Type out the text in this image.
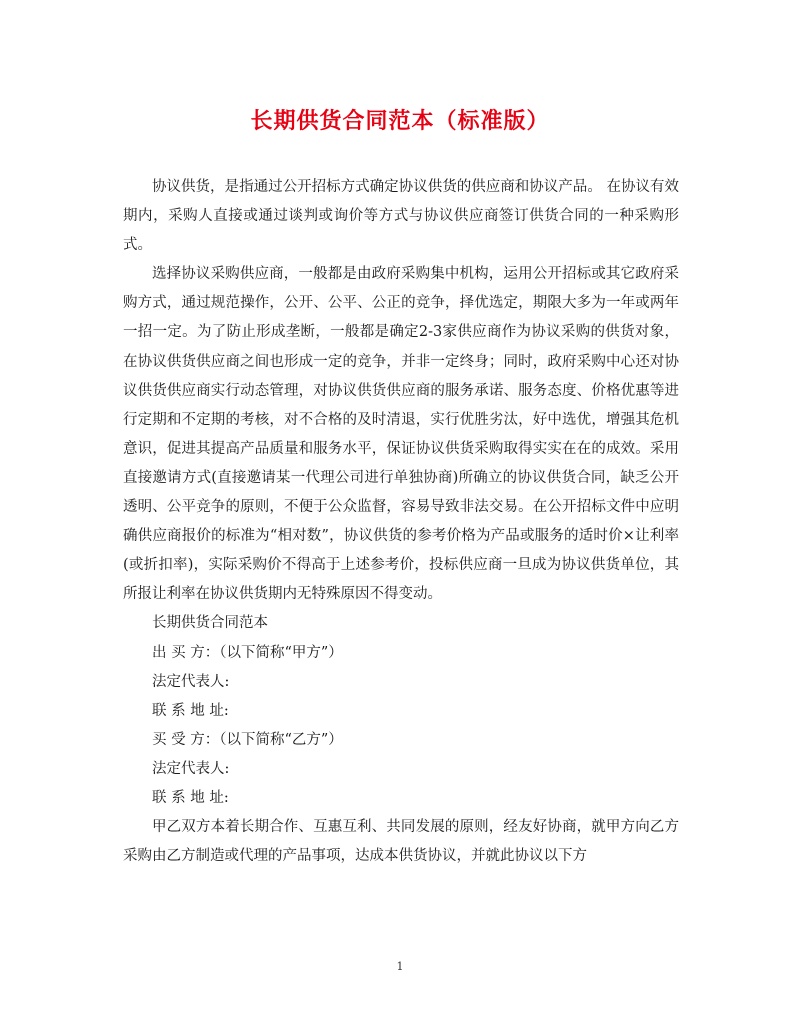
长期供货合同范本（标准版）

协议供货，是指通过公开招标方式确定协议供货的供应商和协议产品。 在协议有效期内，采购人直接或通过谈判或询价等方式与协议供应商签订供货合同的一种采购形式。

选择协议采购供应商，一般都是由政府采购集中机构，运用公开招标或其它政府采购方式，通过规范操作，公开、公平、公正的竞争，择优选定，期限大多为一年或两年一招一定。为了防止形成垄断，一般都是确定2-3家供应商作为协议采购的供货对象，在协议供货供应商之间也形成一定的竞争，并非一定终身；同时，政府采购中心还对协议供货供应商实行动态管理，对协议供货供应商的服务承诺、服务态度、价格优惠等进行定期和不定期的考核，对不合格的及时清退，实行优胜劣汰，好中选优，增强其危机意识，促进其提高产品质量和服务水平，保证协议供货采购取得实实在在的成效。采用直接邀请方式(直接邀请某一代理公司进行单独协商)所确立的协议供货合同，缺乏公开透明、公平竞争的原则，不便于公众监督，容易导致非法交易。在公开招标文件中应明确供应商报价的标准为“相对数”，协议供货的参考价格为产品或服务的适时价×让利率(或折扣率)，实际采购价不得高于上述参考价，投标供应商一旦成为协议供货单位，其所报让利率在协议供货期内无特殊原因不得变动。

长期供货合同范本

出 买 方：（以下简称“甲方”）

法定代表人:

联 系 地 址:

买 受 方：（以下简称“乙方”）

法定代表人:

联 系 地 址:

甲乙双方本着长期合作、互惠互利、共同发展的原则，经友好协商，就甲方向乙方采购由乙方制造或代理的产品事项，达成本供货协议，并就此协议以下方

1
